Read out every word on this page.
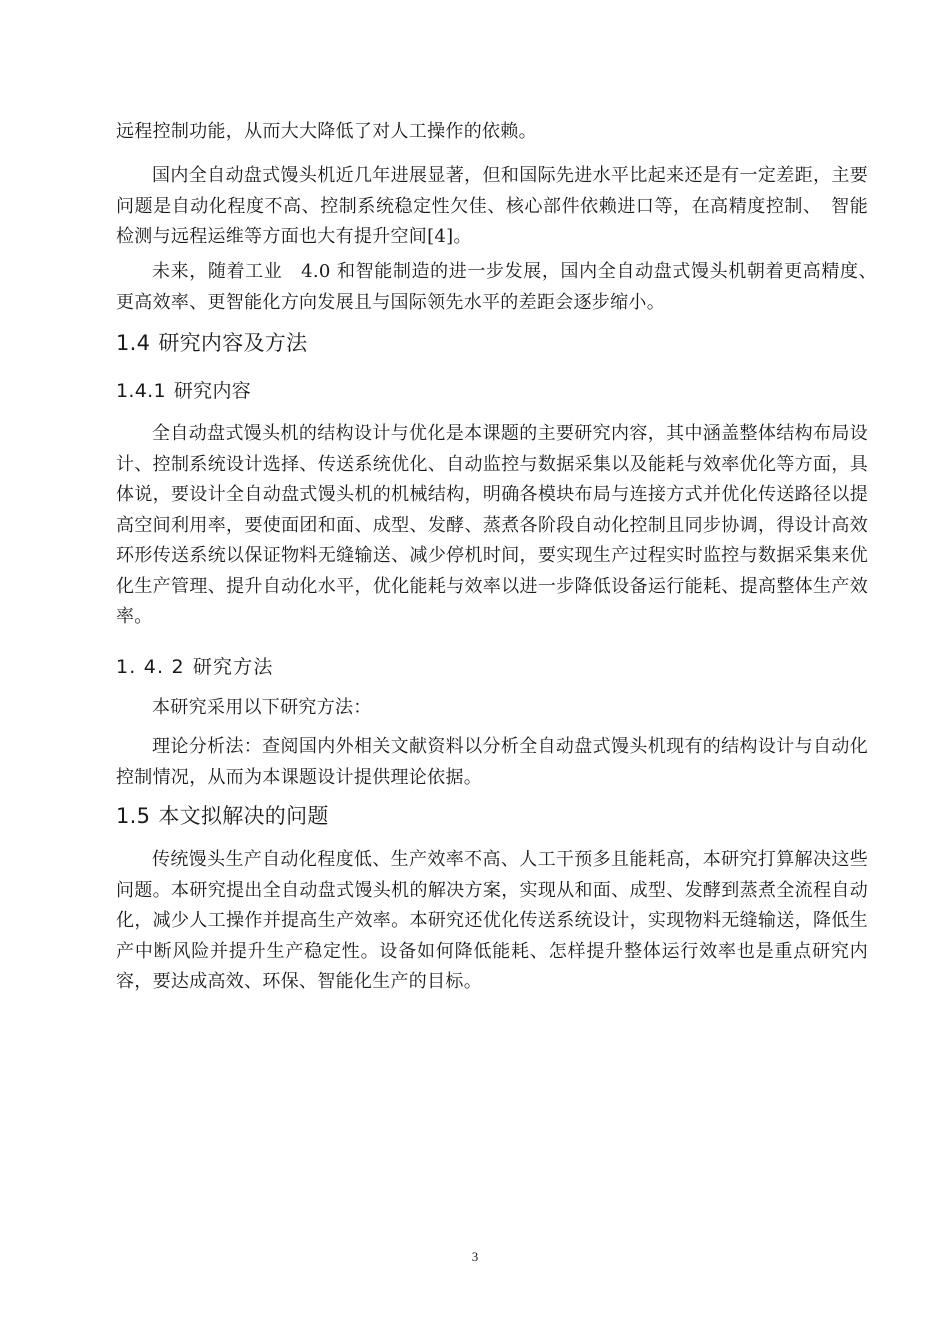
远程控制功能，从而大大降低了对人工操作的依赖。

国内全自动盘式馒头机近几年进展显著，但和国际先进水平比起来还是有一定差距，主要问题是自动化程度不高、控制系统稳定性欠佳、核心部件依赖进口等，在高精度控制、　智能检测与远程运维等方面也大有提升空间[4]。

未来，随着工业　4.0 和智能制造的进一步发展，国内全自动盘式馒头机朝着更高精度、　更高效率、更智能化方向发展且与国际领先水平的差距会逐步缩小。

1.4 研究内容及方法
1.4.1 研究内容

全自动盘式馒头机的结构设计与优化是本课题的主要研究内容，其中涵盖整体结构布局设计、控制系统设计选择、传送系统优化、自动监控与数据采集以及能耗与效率优化等方面，具体说，要设计全自动盘式馒头机的机械结构，明确各模块布局与连接方式并优化传送路径以提高空间利用率，要使面团和面、成型、发酵、蒸煮各阶段自动化控制且同步协调，得设计高效环形传送系统以保证物料无缝输送、减少停机时间，要实现生产过程实时监控与数据采集来优化生产管理、提升自动化水平，优化能耗与效率以进一步降低设备运行能耗、提高整体生产效率。

1. 4. 2 研究方法

本研究采用以下研究方法：

理论分析法：查阅国内外相关文献资料以分析全自动盘式馒头机现有的结构设计与自动化控制情况，从而为本课题设计提供理论依据。

1.5 本文拟解决的问题

传统馒头生产自动化程度低、生产效率不高、人工干预多且能耗高，本研究打算解决这些问题。本研究提出全自动盘式馒头机的解决方案，实现从和面、成型、发酵到蒸煮全流程自动化，减少人工操作并提高生产效率。本研究还优化传送系统设计，实现物料无缝输送，降低生产中断风险并提升生产稳定性。设备如何降低能耗、怎样提升整体运行效率也是重点研究内容，要达成高效、环保、智能化生产的目标。

3
